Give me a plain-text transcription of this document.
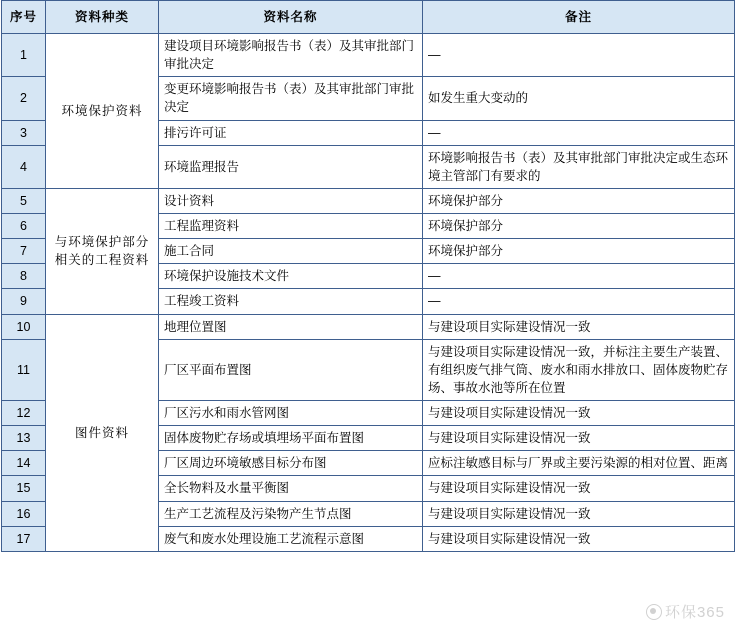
序号	资料种类	资料名称	备注
1	环境保护资料	建设项目环境影响报告书（表）及其审批部门审批决定	—
2		变更环境影响报告书（表）及其审批部门审批决定	如发生重大变动的
3		排污许可证	—
4		环境监理报告	环境影响报告书（表）及其审批部门审批决定或生态环境主管部门有要求的
5	与环境保护部分相关的工程资料	设计资料	环境保护部分
6		工程监理资料	环境保护部分
7		施工合同	环境保护部分
8		环境保护设施技术文件	—
9		工程竣工资料	—
10	图件资料	地理位置图	与建设项目实际建设情况一致
11		厂区平面布置图	与建设项目实际建设情况一致，并标注主要生产装置、有组织废气排气筒、废水和雨水排放口、固体废物贮存场、事故水池等所在位置
12		厂区污水和雨水管网图	与建设项目实际建设情况一致
13		固体废物贮存场或填埋场平面布置图	与建设项目实际建设情况一致
14		厂区周边环境敏感目标分布图	应标注敏感目标与厂界或主要污染源的相对位置、距离
15		全长物料及水量平衡图	与建设项目实际建设情况一致
16		生产工艺流程及污染物产生节点图	与建设项目实际建设情况一致
17		废气和废水处理设施工艺流程示意图	与建设项目实际建设情况一致
环保365
